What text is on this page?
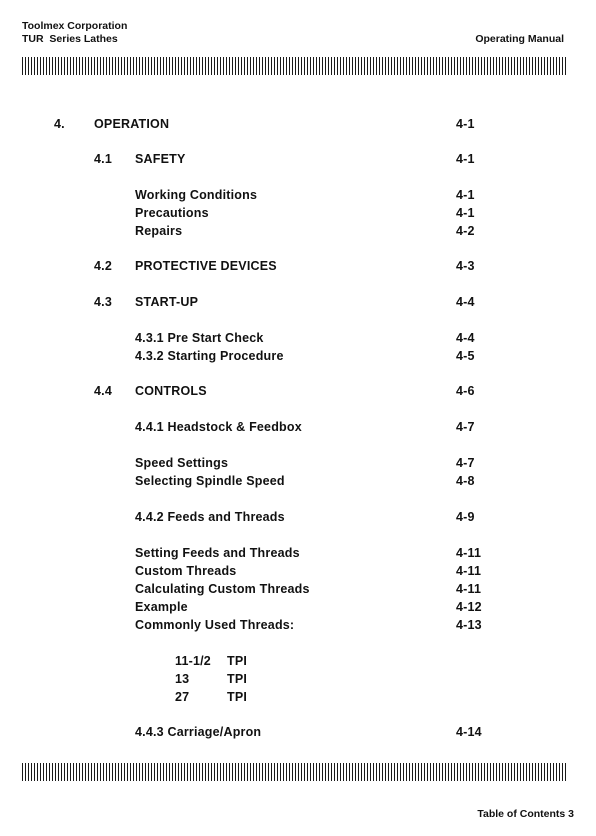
Toolmex Corporation
TUR  Series Lathes	Operating Manual
4. OPERATION	4-1
4.1 SAFETY	4-1
Working Conditions	4-1
Precautions	4-1
Repairs	4-2
4.2 PROTECTIVE DEVICES	4-3
4.3 START-UP	4-4
4.3.1 Pre Start Check	4-4
4.3.2 Starting Procedure	4-5
4.4 CONTROLS	4-6
4.4.1 Headstock & Feedbox	4-7
Speed Settings	4-7
Selecting Spindle Speed	4-8
4.4.2 Feeds and Threads	4-9
Setting Feeds and Threads	4-11
Custom Threads	4-11
Calculating Custom Threads	4-11
Example	4-12
Commonly Used Threads:	4-13
11-1/2 TPI
13	TPI
27	TPI
4.4.3 Carriage/Apron	4-14
Table of Contents 3
